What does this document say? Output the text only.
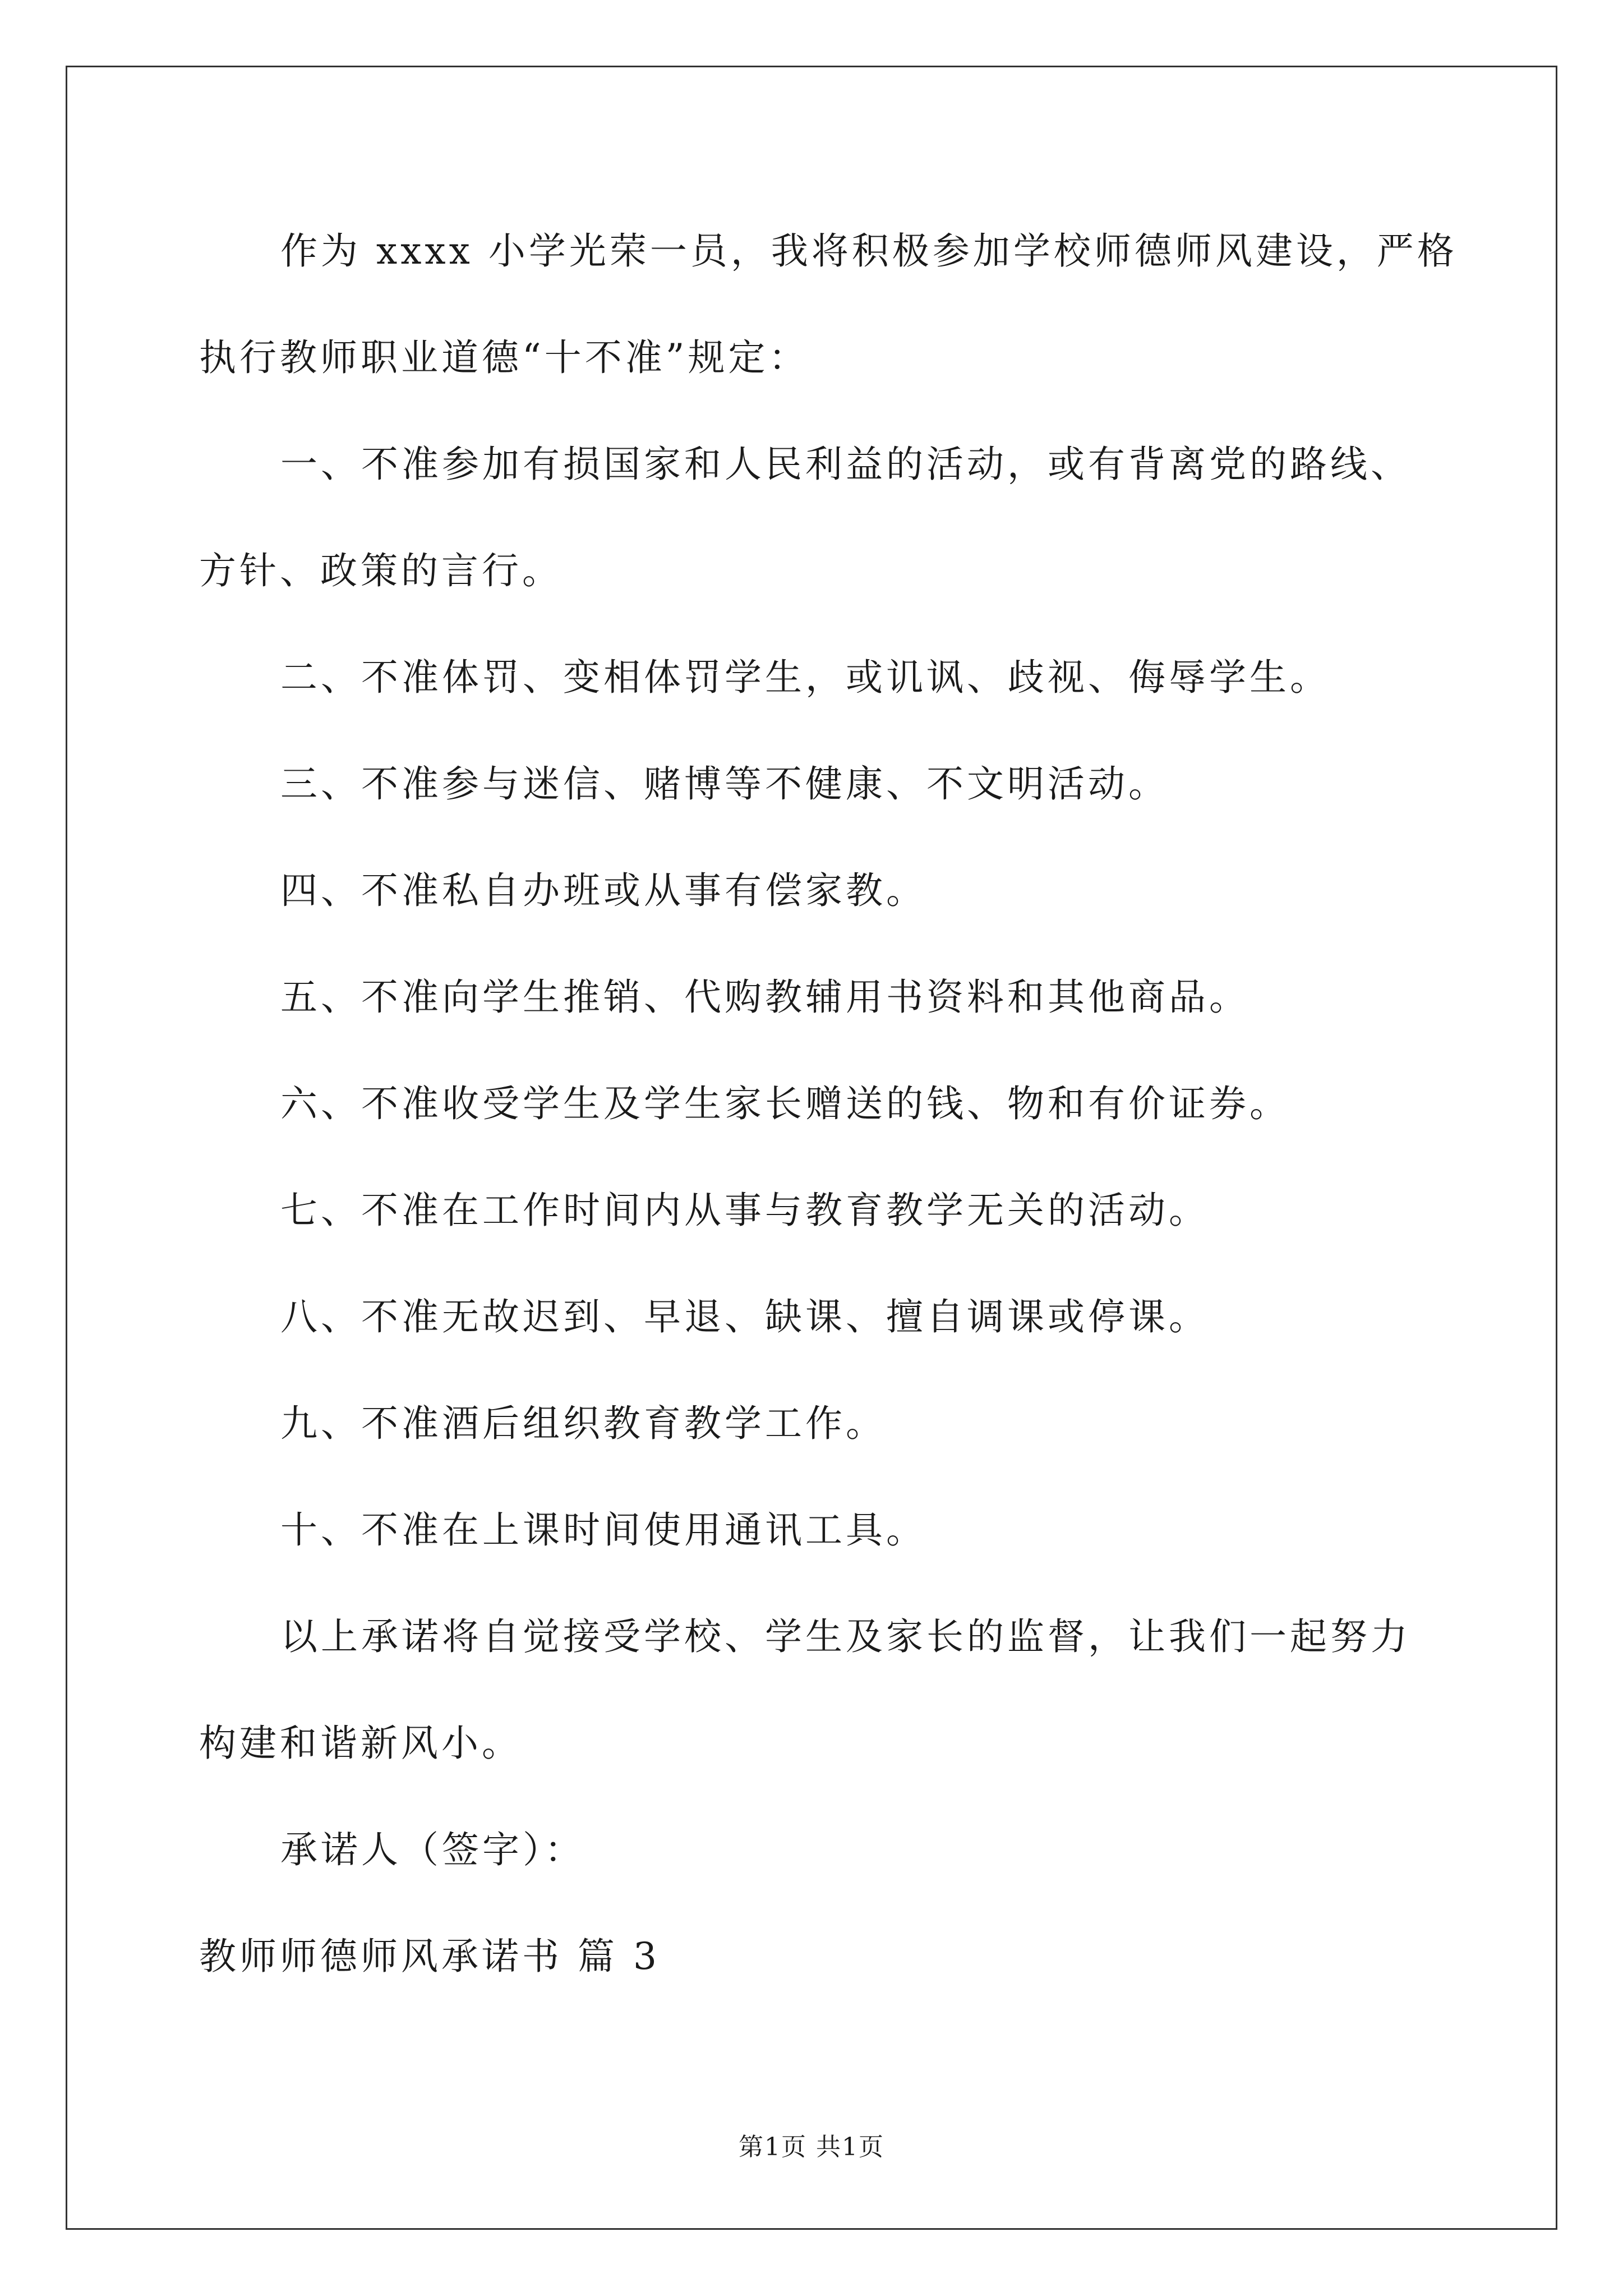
作为 xxxx 小学光荣一员，我将积极参加学校师德师风建设，严格
执行教师职业道德“十不准”规定：
一、不准参加有损国家和人民利益的活动，或有背离党的路线、
方针、政策的言行。
二、不准体罚、变相体罚学生，或讥讽、歧视、侮辱学生。
三、不准参与迷信、赌博等不健康、不文明活动。
四、不准私自办班或从事有偿家教。
五、不准向学生推销、代购教辅用书资料和其他商品。
六、不准收受学生及学生家长赠送的钱、物和有价证券。
七、不准在工作时间内从事与教育教学无关的活动。
八、不准无故迟到、早退、缺课、擅自调课或停课。
九、不准酒后组织教育教学工作。
十、不准在上课时间使用通讯工具。
以上承诺将自觉接受学校、学生及家长的监督，让我们一起努力
构建和谐新风小。
承诺人（签字）：
教师师德师风承诺书 篇 3
第1页 共1页
